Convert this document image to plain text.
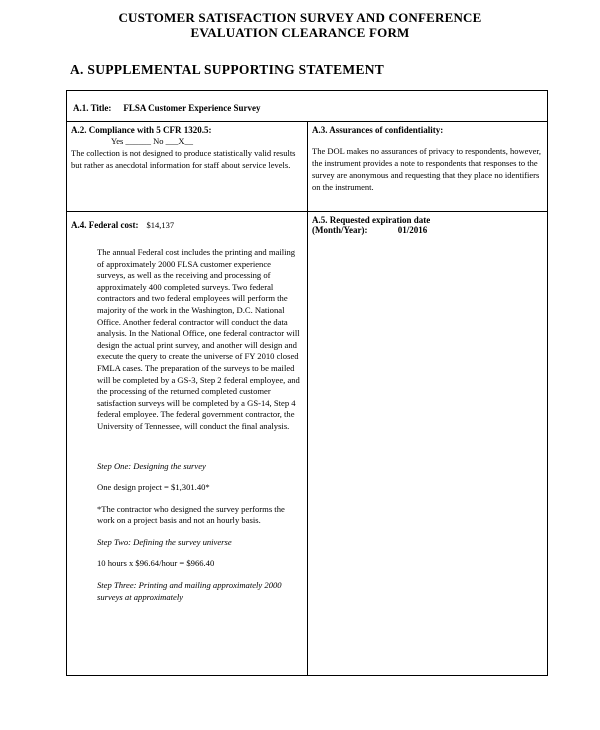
CUSTOMER SATISFACTION SURVEY AND CONFERENCE
EVALUATION CLEARANCE FORM
A. SUPPLEMENTAL SUPPORTING STATEMENT
A.1. Title: FLSA Customer Experience Survey
A.2. Compliance with 5 CFR 1320.5:
Yes ______ No ___X__
The collection is not designed to produce statistically valid results but rather as anecdotal information for staff about service levels.
A.3. Assurances of confidentiality:
The DOL makes no assurances of privacy to respondents, however, the instrument provides a note to respondents that responses to the survey are anonymous and requesting that they place no identifiers on the instrument.
A.4. Federal cost: $14,137

The annual Federal cost includes the printing and mailing of approximately 2000 FLSA customer experience surveys, as well as the receiving and processing of approximately 400 completed surveys. Two federal contractors and two federal employees will perform the majority of the work in the Washington, D.C. National Office. Another federal contractor will conduct the data analysis. In the National Office, one federal contractor will design the actual print survey, and another will design and execute the query to create the universe of FY 2010 closed FMLA cases. The preparation of the surveys to be mailed will be completed by a GS-3, Step 2 federal employee, and the processing of the returned completed customer satisfaction surveys will be completed by a GS-14, Step 4 federal employee. The federal government contractor, the University of Tennessee, will conduct the final analysis.

Step One: Designing the survey

One design project = $1,301.40*

*The contractor who designed the survey performs the work on a project basis and not an hourly basis.

Step Two: Defining the survey universe

10 hours x $96.64/hour = $966.40

Step Three: Printing and mailing approximately 2000 surveys at approximately

A.5. Requested expiration date
(Month/Year):	01/2016
